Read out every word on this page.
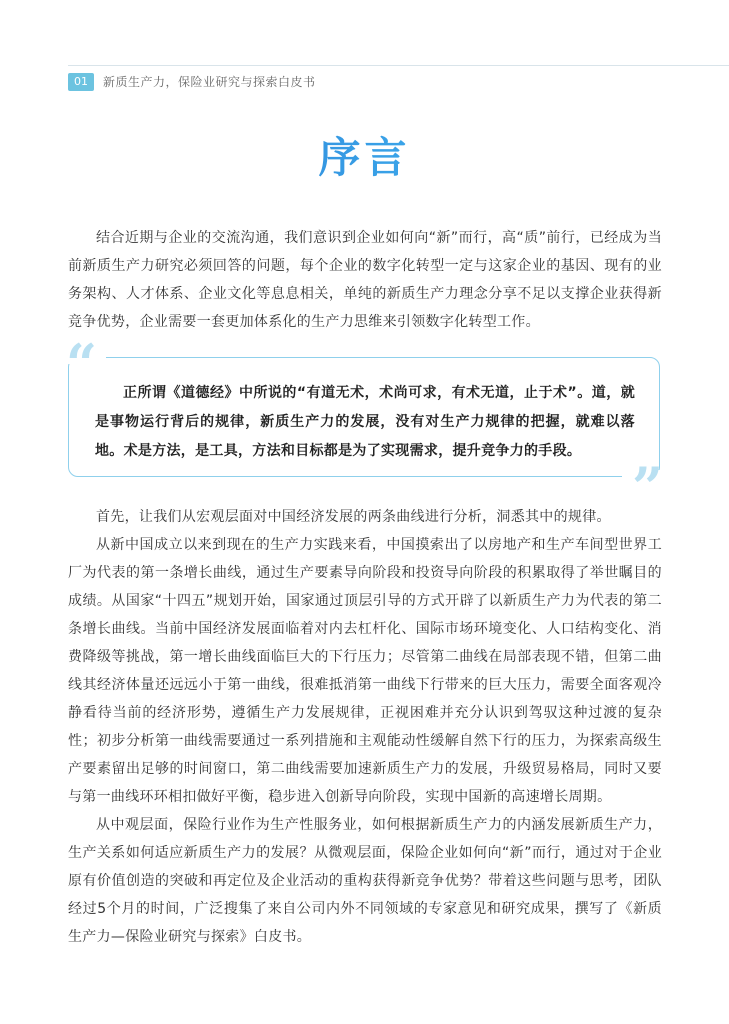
01	新质生产力，保险业研究与探索白皮书
序言

结合近期与企业的交流沟通，我们意识到企业如何向“新”而行，高“质”前行，已经成为当前新质生产力研究必须回答的问题，每个企业的数字化转型一定与这家企业的基因、现有的业务架构、人才体系、企业文化等息息相关，单纯的新质生产力理念分享不足以支撑企业获得新竞争优势，企业需要一套更加体系化的生产力思维来引领数字化转型工作。

“
”

正所谓《道德经》中所说的“有道无术，术尚可求，有术无道，止于术”。道，就是事物运行背后的规律，新质生产力的发展，没有对生产力规律的把握，就难以落地。术是方法，是工具，方法和目标都是为了实现需求，提升竞争力的手段。

首先，让我们从宏观层面对中国经济发展的两条曲线进行分析，洞悉其中的规律。

从新中国成立以来到现在的生产力实践来看，中国摸索出了以房地产和生产车间型世界工厂为代表的第一条增长曲线，通过生产要素导向阶段和投资导向阶段的积累取得了举世瞩目的成绩。从国家“十四五”规划开始，国家通过顶层引导的方式开辟了以新质生产力为代表的第二条增长曲线。当前中国经济发展面临着对内去杠杆化、国际市场环境变化、人口结构变化、消费降级等挑战，第一增长曲线面临巨大的下行压力；尽管第二曲线在局部表现不错，但第二曲线其经济体量还远远小于第一曲线，很难抵消第一曲线下行带来的巨大压力，需要全面客观冷静看待当前的经济形势，遵循生产力发展规律，正视困难并充分认识到驾驭这种过渡的复杂性；初步分析第一曲线需要通过一系列措施和主观能动性缓解自然下行的压力，为探索高级生产要素留出足够的时间窗口，第二曲线需要加速新质生产力的发展，升级贸易格局，同时又要与第一曲线环环相扣做好平衡，稳步进入创新导向阶段，实现中国新的高速增长周期。

从中观层面，保险行业作为生产性服务业，如何根据新质生产力的内涵发展新质生产力，生产关系如何适应新质生产力的发展？从微观层面，保险企业如何向“新”而行，通过对于企业原有价值创造的突破和再定位及企业活动的重构获得新竞争优势？带着这些问题与思考，团队经过5个月的时间，广泛搜集了来自公司内外不同领域的专家意见和研究成果，撰写了《新质生产力—保险业研究与探索》白皮书。
